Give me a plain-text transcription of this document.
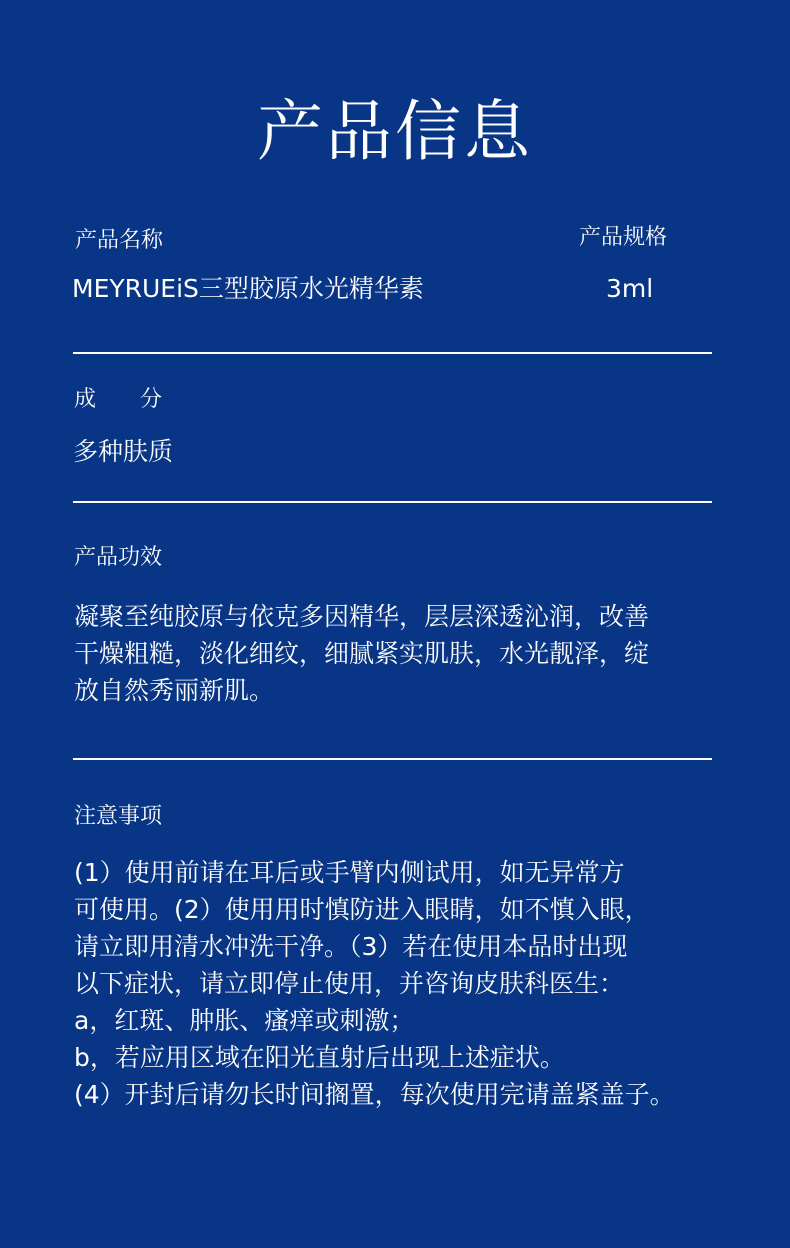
产品信息
产品名称
MEYRUEiS三型胶原水光精华素
产品规格
3ml
成　　分
多种肤质
产品功效
凝聚至纯胶原与依克多因精华，层层深透沁润，改善
干燥粗糙，淡化细纹，细腻紧实肌肤，水光靓泽，绽
放自然秀丽新肌。
注意事项
(1）使用前请在耳后或手臂内侧试用，如无异常方
可使用。(2）使用用时慎防进入眼睛，如不慎入眼，
请立即用清水冲洗干净。（3）若在使用本品时出现
以下症状，请立即停止使用，并咨询皮肤科医生：
a，红斑、肿胀、瘙痒或刺激；
b，若应用区域在阳光直射后出现上述症状。
(4）开封后请勿长时间搁置，每次使用完请盖紧盖子。
